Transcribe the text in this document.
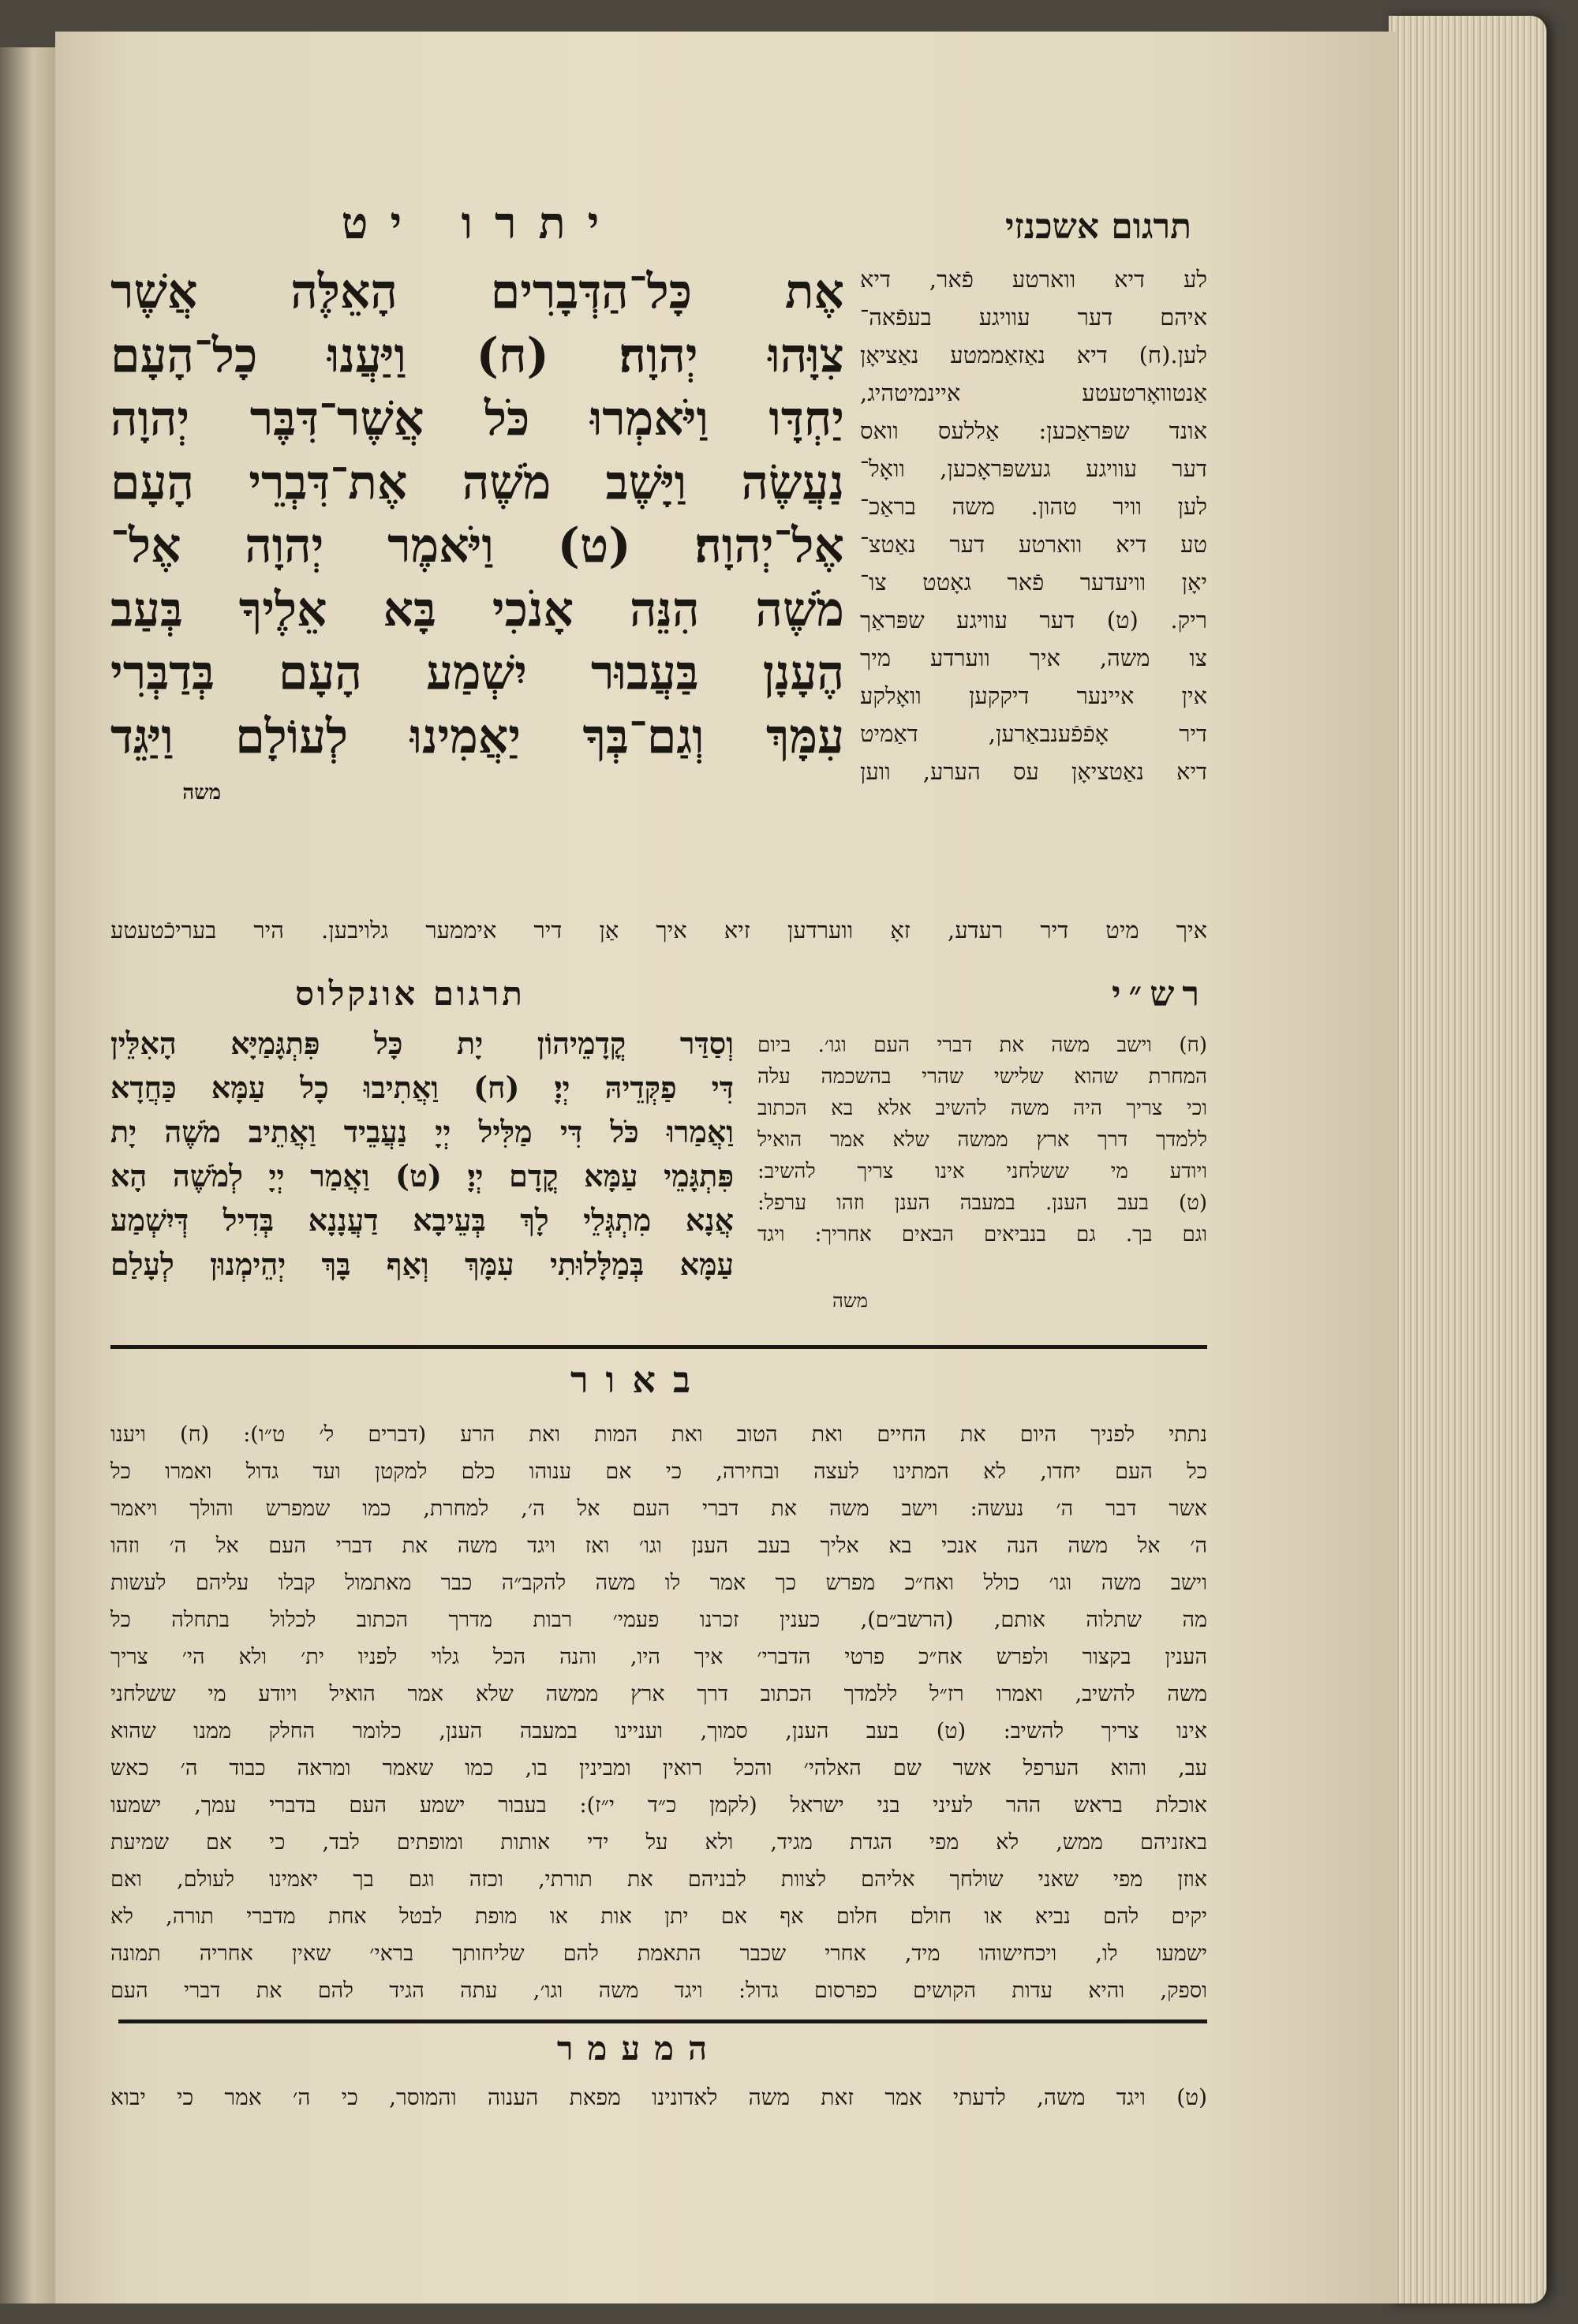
יתרו יט	תרגום אשכנזי
אֶת כָּל־הַדְּבָרִים הָאֵלֶּה אֲשֶׁר
צִוָּהוּ יְהוָה׃ (ח) וַיַּעֲנוּ כָל־הָעָם
יַחְדָּו וַיֹּאמְרוּ כֹּל אֲשֶׁר־דִּבֶּר יְהוָה
נַעֲשֶׂה וַיָּשֶׁב מֹשֶׁה אֶת־דִּבְרֵי הָעָם
אֶל־יְהוָה׃ (ט) וַיֹּאמֶר יְהוָה אֶל־
מֹשֶׁה הִנֵּה אָנֹכִי בָּא אֵלֶיךָ בְּעַב
הֶעָנָן בַּעֲבוּר יִשְׁמַע הָעָם בְּדַבְּרִי
עִמָּךְ וְגַם־בְּךָ יַאֲמִינוּ לְעוֹלָם וַיַּגֵּד
משה
לע דיא ווארטע פֿאר, דיא
איהם דער עוויגע בעפֿאה־
לען.(ח) דיא נאַזאַממטע נאַציאָן
אַנטוואָרטעטע איינמיטהיג,
אונד שפּראַכען: אַללעס וואס
דער עוויגע געשפּראָכען, וואָל־
לען וויר טהון. משה בראַכ־
טע דיא ווארטע דער נאַטצ־
יאָן וויעדער פֿאר גאָטט צו־
ריק. (ט) דער עוויגע שפּראַך
צו משה, איך ווערדע מיך
אין איינער דיקקען וואָלקע
דיר אָפֿפֿענבאַרען, דאַמיט
דיא נאַטציאָן עס הערע, ווען
איך מיט דיר רעדע, זאָ ווערדען זיא איך אַן דיר איממער גלויבען. היר בעריכֿטעטע
תרגום אונקלוס
וְסַדַּר קֳדָמֵיהוֹן יָת כָּל פִּתְגָּמַיָּא הָאִלֵּין
דִּי פַקְּדֵיהּ יְיָ׃ (ח) וַאֲתִיבוּ כָל עַמָּא כַּחֲדָא
וַאֲמַרוּ כֹּל דִּי מַלִּיל יְיָ נַעֲבֵיד וַאֲתֵיב מֹשֶׁה יָת
פִּתְגָּמֵי עַמָּא קֳדָם יְיָ׃ (ט) וַאֲמַר יְיָ לְמֹשֶׁה הָא
אֲנָא מִתְגְּלֵי לָךְ בְּעֵיבָא דַעֲנָנָא בְּדִיל דְּיִשְׁמַע
עַמָּא בְּמַלָּלוּתִי עִמָּךְ וְאַף בָּךְ יְהֵימְנוּן לְעָלַם
רש״י
(ח) וישב משה את דברי העם וגו׳. ביום
המחרת שהוא שלישי שהרי בהשכמה עלה
וכי צריך היה משה להשיב אלא בא הכתוב
ללמדך דרך ארץ ממשה שלא אמר הואיל
ויודע מי ששלחני אינו צריך להשיב:
(ט) בעב הענן. במעבה הענן וזהו ערפל:
וגם בך. גם בנביאים הבאים אחריך: ויגד
משה
באור
נתתי לפניך היום את החיים ואת הטוב ואת המות ואת הרע (דברים ל׳ ט״ו): (ח) ויענו
כל העם יחדו, לא המתינו לעצה ובחירה, כי אם ענוהו כלם למקטן ועד גדול ואמרו כל
אשר דבר ה׳ נעשה: וישב משה את דברי העם אל ה׳, למחרת, כמו שמפרש והולך ויאמר
ה׳ אל משה הנה אנכי בא אליך בעב הענן וגו׳ ואז ויגד משה את דברי העם אל ה׳ וזהו
וישב משה וגו׳ כולל ואח״כ מפרש כך אמר לו משה להקב״ה כבר מאתמול קבלו עליהם לעשות
מה שתלוה אותם, (הרשב״ם), כענין זכרנו פעמי׳ רבות מדרך הכתוב לכלול בתחלה כל
הענין בקצור ולפרש אח״כ פרטי הדברי׳ איך היו, והנה הכל גלוי לפניו ית׳ ולא הי׳ צריך
משה להשיב, ואמרו רז״ל ללמדך הכתוב דרך ארץ ממשה שלא אמר הואיל ויודע מי ששלחני
אינו צריך להשיב: (ט) בעב הענן, סמוך, ועניינו במעבה הענן, כלומר החלק ממנו שהוא
עב, והוא הערפל אשר שם האלהי׳ והכל רואין ומבינין בו, כמו שאמר ומראה כבוד ה׳ כאש
אוכלת בראש ההר לעיני בני ישראל (לקמן כ״ד י״ז): בעבור ישמע העם בדברי עמך, ישמעו
באזניהם ממש, לא מפי הגדת מגיד, ולא על ידי אותות ומופתים לבד, כי אם שמיעת
אוזן מפי שאני שולחך אליהם לצוות לבניהם את תורתי, וכזה וגם בך יאמינו לעולם, ואם
יקים להם נביא או חולם חלום אף אם יתן אות או מופת לבטל אחת מדברי תורה, לא
ישמעו לו, ויכחישוהו מיד, אחרי שכבר התאמת להם שליחותך בראי׳ שאין אחריה תמונה
וספק, והיא עדות הקושים כפרסום גדול: ויגד משה וגו׳, עתה הגיד להם את דברי העם
המעמר
(ט) ויגד משה, לדעתי אמר זאת משה לאדונינו מפאת הענוה והמוסר, כי ה׳ אמר כי יבוא
